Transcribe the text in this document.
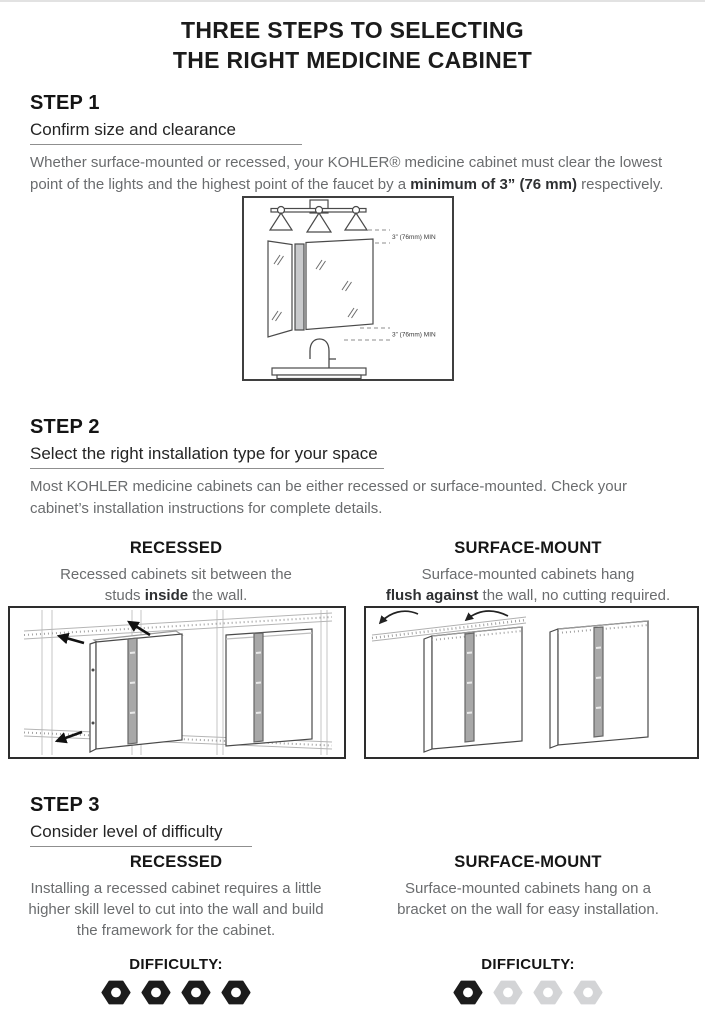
THREE STEPS TO SELECTING
THE RIGHT MEDICINE CABINET
STEP 1
Confirm size and clearance
Whether surface-mounted or recessed, your KOHLER® medicine cabinet must clear the lowest point of the lights and the highest point of the faucet by a minimum of 3” (76 mm) respectively.
3” (76mm) MIN
3” (76mm) MIN
STEP 2
Select the right installation type for your space
Most KOHLER medicine cabinets can be either recessed or surface-mounted. Check your cabinet’s installation instructions for complete details.
RECESSED

Recessed cabinets sit between the
studs inside the wall.

SURFACE-MOUNT

Surface-mounted cabinets hang
flush against the wall, no cutting required.

STEP 3
Consider level of difficulty
RECESSED

Installing a recessed cabinet requires a little
higher skill level to cut into the wall and build
the framework for the cabinet.

SURFACE-MOUNT

Surface-mounted cabinets hang on a
bracket on the wall for easy installation.

DIFFICULTY:	DIFFICULTY:
